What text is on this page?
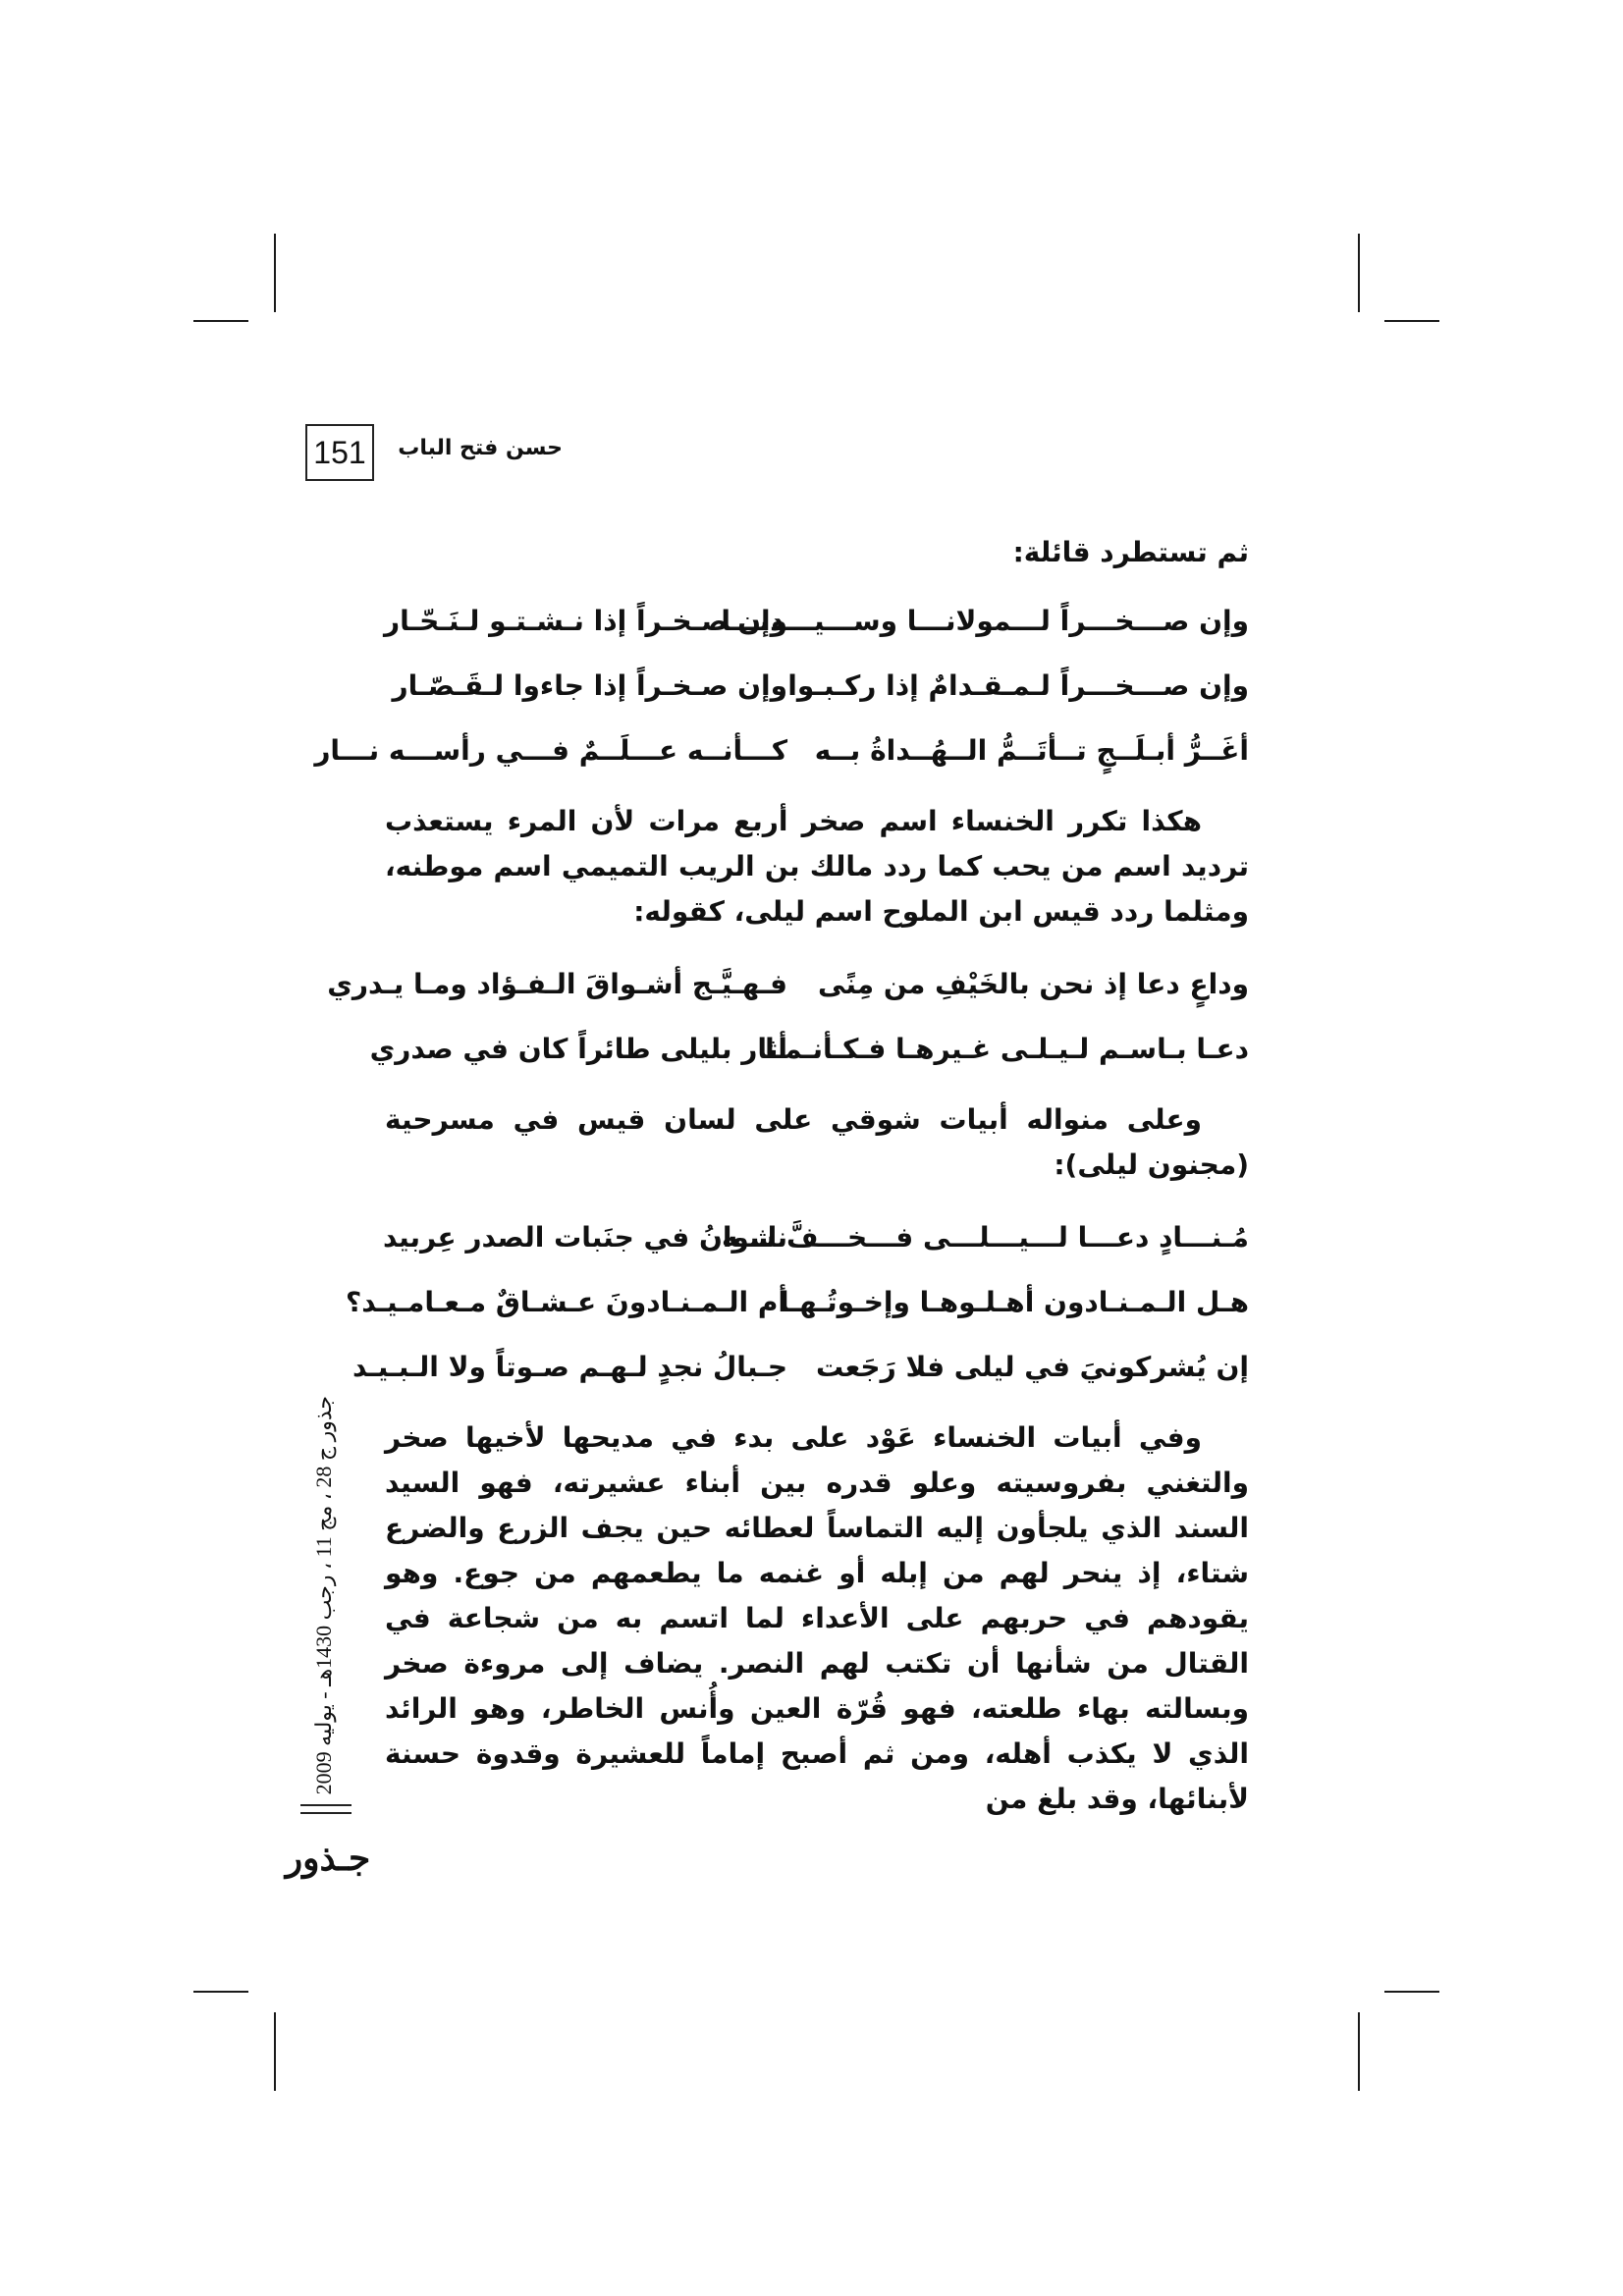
151	حسن فتح الباب
ثم تستطرد قائلة:
وإن صـــخـــراً لـــمولانـــا وســـيـــدنـــا
وإن صـخـراً إذا نـشـتـو لـنَـحّـار
وإن صـــخـــراً لـمـقـدامٌ إذا ركـبـوا
وإن صـخـراً إذا جاءوا لـقَـصّـار
أغَــرُّ أبـلَــجٍ تــأتَــمُّ الــهُــداةُ بــه
كـــأنــه عـــلَــمٌ فـــي رأســـه نـــار

هكذا تكرر الخنساء اسم صخر أربع مرات لأن المرء يستعذب ترديد اسم من يحب كما ردد مالك بن الريب التميمي اسم موطنه، ومثلما ردد قيس ابن الملوح اسم ليلى، كقوله:

وداعٍ دعا إذ نحن بالخَيْفِ من مِنًى
فـهـيَّـج أشـواقَ الـفـؤاد ومـا يـدري
دعـا بـاسـم لـيـلـى غـيرهـا فـكـأنـمـا
أثار بليلى طائراً كان في صدري

وعلى منواله أبيات شوقي على لسان قيس في مسرحية (مجنون ليلى):

مُـنـــادٍ دعـــا لـــيـــلـــى فـــخـــفَّ لـــه
نشوانُ في جنَبات الصدر عِربيد
هـل الـمـنـادون أهـلـوهـا وإخـوتُـهـا
أم الـمـنـادونَ عـشـاقٌ مـعـامـيـد؟
إن يُشركونيَ في ليلى فلا رَجَعت
جـبالُ نجدٍ لـهـم صـوتاً ولا الـبـيـد

وفي أبيات الخنساء عَوْد على بدء في مديحها لأخيها صخر والتغني بفروسيته وعلو قدره بين أبناء عشيرته، فهو السيد السند الذي يلجأون إليه التماساً لعطائه حين يجف الزرع والضرع شتاء، إذ ينحر لهم من إبله أو غنمه ما يطعمهم من جوع. وهو يقودهم في حربهم على الأعداء لما اتسم به من شجاعة في القتال من شأنها أن تكتب لهم النصر. يضاف إلى مروءة صخر وبسالته بهاء طلعته، فهو قُرّة العين وأُنس الخاطر، وهو الرائد الذي لا يكذب أهله، ومن ثم أصبح إماماً للعشيرة وقدوة حسنة لأبنائها، وقد بلغ من

جذور ج 28 ، مج 11 ، رجب 1430هـ - يوليه 2009
جـذور
